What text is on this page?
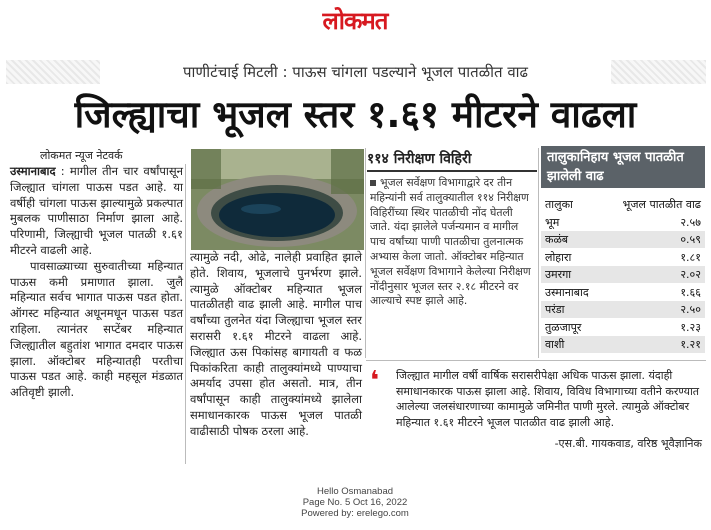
लोकमत
पाणीटंचाई मिटली : पाऊस चांगला पडल्याने भूजल पातळीत वाढ
जिल्ह्याचा भूजल स्तर १.६१ मीटरने वाढला
लोकमत न्यूज नेटवर्क

उस्मानाबाद : मागील तीन चार वर्षांपासून जिल्ह्यात चांगला पाऊस पडत आहे. या वर्षीही चांगला पाऊस झाल्यामुळे प्रकल्पात मुबलक पाणीसाठा निर्माण झाला आहे. परिणामी, जिल्ह्याची भूजल पातळी १.६१ मीटरने वाढली आहे.

पावसाळ्याच्या सुरुवातीच्या महिन्यात पाऊस कमी प्रमाणात झाला. जुलै महिन्यात सर्वच भागात पाऊस पडत होता. ऑगस्ट महिन्यात अधूनमधून पाऊस पडत राहिला. त्यानंतर सप्टेंबर महिन्यात जिल्ह्यातील बहुतांश भागात दमदार पाऊस झाला. ऑक्टोबर महिन्यातही परतीचा पाऊस पडत आहे. काही महसूल मंडळात अतिवृष्टी झाली.

त्यामुळे नदी, ओढे, नालेही प्रवाहित झाले होते. शिवाय, भूजलाचे पुनर्भरण झाले. त्यामुळे ऑक्टोबर महिन्यात भूजल पातळीतही वाढ झाली आहे. मागील पाच वर्षांच्या तुलनेत यंदा जिल्ह्याचा भूजल स्तर सरासरी १.६१ मीटरने वाढला आहे. जिल्ह्यात ऊस पिकांसह बागायती व फळ पिकांकरिता काही तालुक्यांमध्ये पाण्याचा अमर्याद उपसा होत असतो. मात्र, तीन वर्षांपासून काही तालुक्यांमध्ये झालेला समाधानकारक पाऊस भूजल पातळी वाढीसाठी पोषक ठरला आहे.
११४ निरीक्षण विहिरी
भूजल सर्वेक्षण विभागाद्वारे दर तीन महिन्यांनी सर्व तालुक्यातील ११४ निरीक्षण विहिरींच्या स्थिर पातळीची नोंद घेतली जाते. यंदा झालेले पर्जन्यमान व मागील पाच वर्षांच्या पाणी पातळीचा तुलनात्मक अभ्यास केला जातो. ऑक्टोबर महिन्यात भूजल सर्वेक्षण विभागाने केलेल्या निरीक्षण नोंदीनुसार भूजल स्तर २.१८ मीटरने वर आल्याचे स्पष्ट झाले आहे.
तालुकानिहाय भूजल पातळीत झालेली वाढ
तालुका	भूजल पातळीत वाढ
भूम	२.५७
कळंब	०.५९
लोहारा	१.८१
उमरगा	२.०२
उस्मानाबाद	१.६६
परंडा	२.५०
तुळजापूर	१.२३
वाशी	१.२१
❛ जिल्ह्यात मागील वर्षी वार्षिक सरासरीपेक्षा अधिक पाऊस झाला. यंदाही समाधानकारक पाऊस झाला आहे. शिवाय, विविध विभागाच्या वतीने करण्यात आलेल्या जलसंधारणाच्या कामामुळे जमिनीत पाणी मुरले. त्यामुळे ऑक्टोबर महिन्यात १.६१ मीटरने भूजल पातळीत वाढ झाली आहे.
-एस.बी. गायकवाड, वरिष्ठ भूवैज्ञानिक
Hello Osmanabad
Page No. 5 Oct 16, 2022
Powered by: erelego.com
